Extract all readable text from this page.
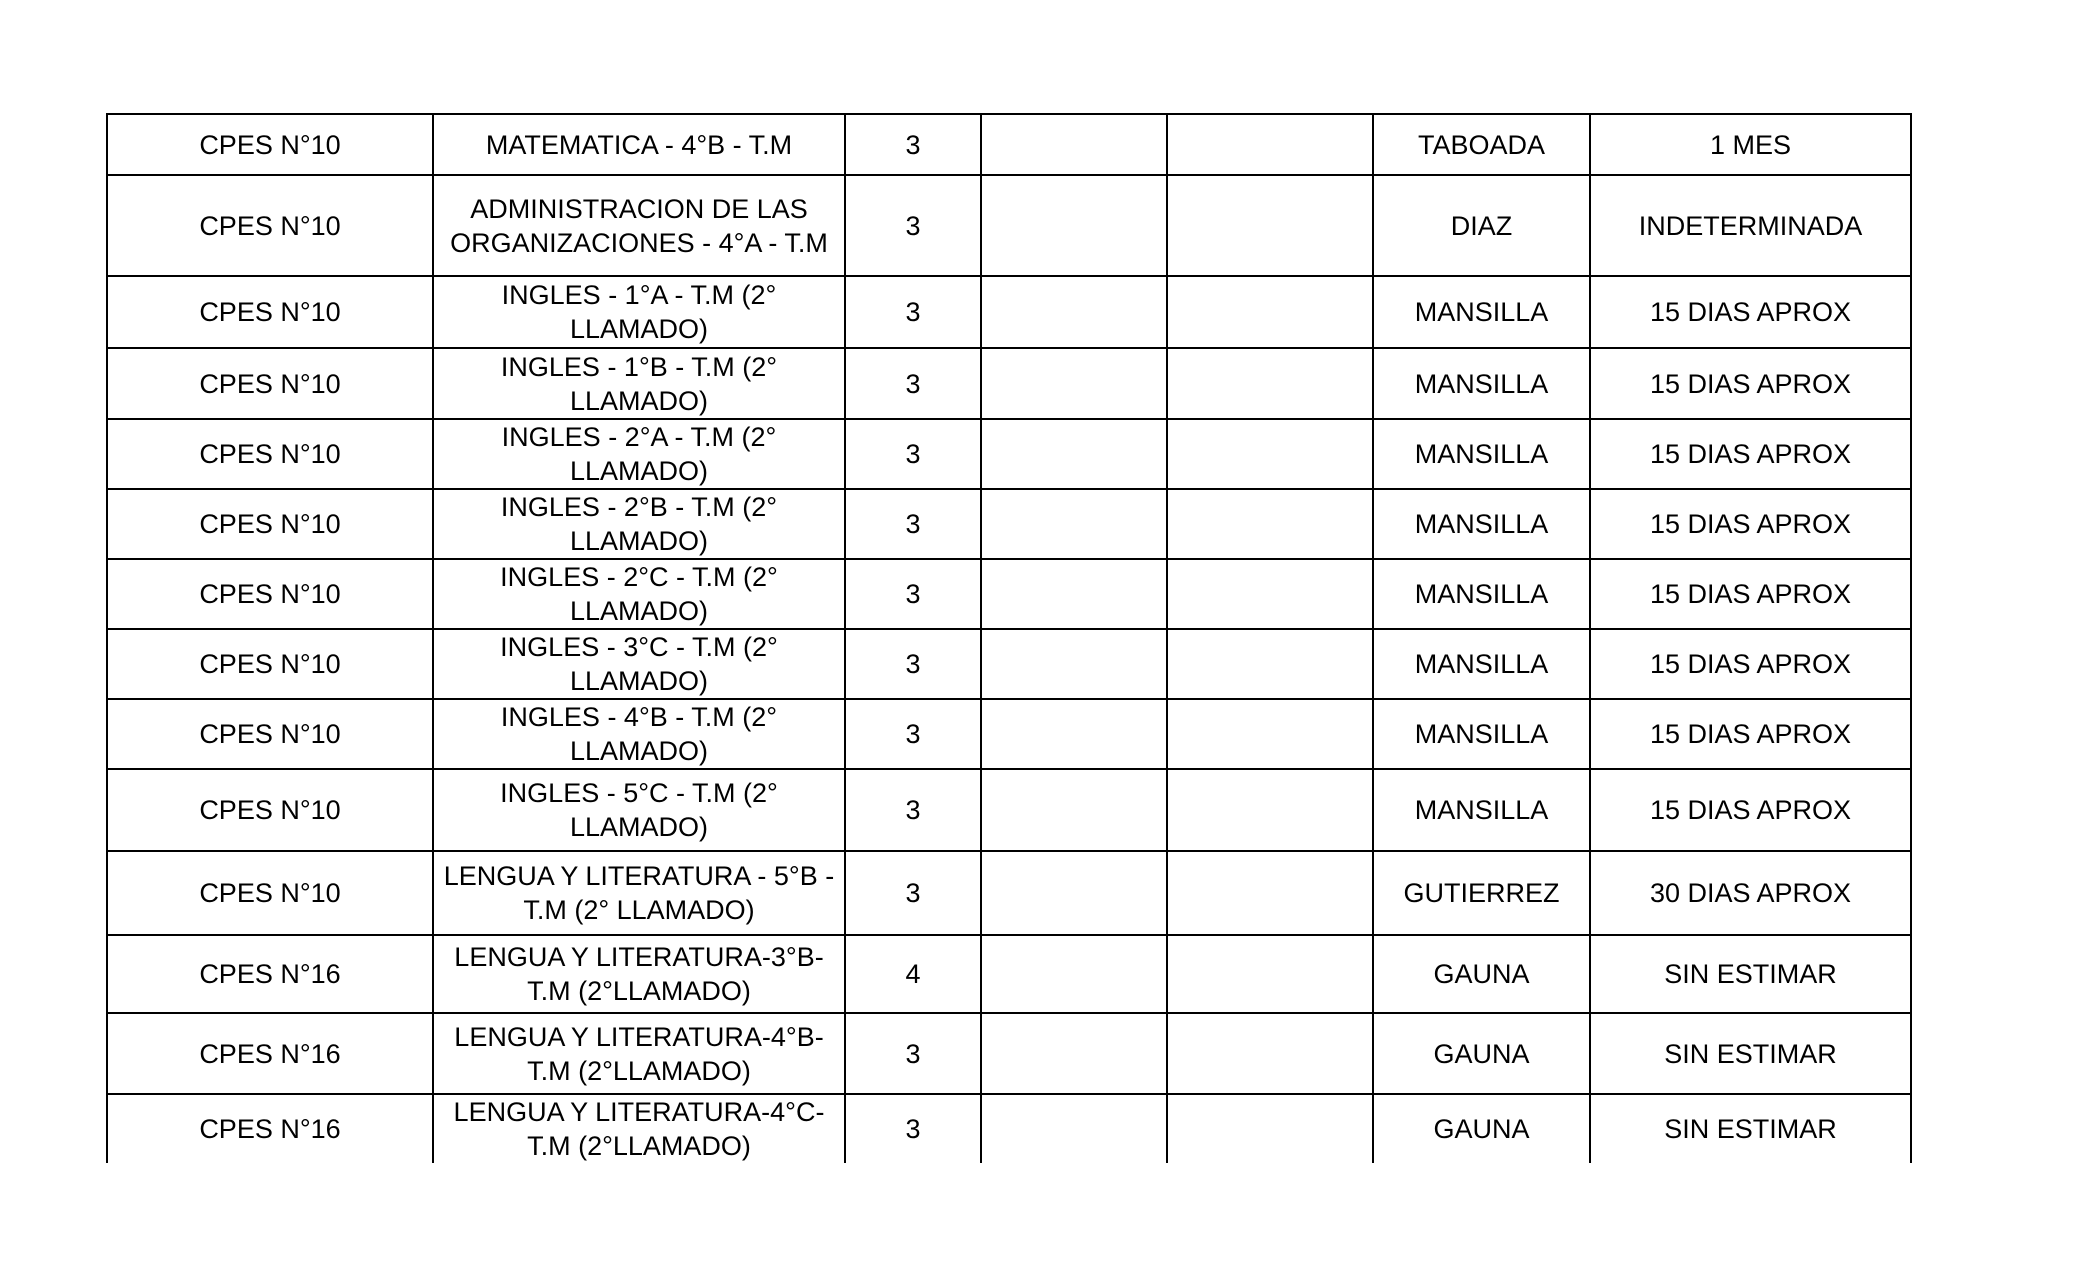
CPES N°10	MATEMATICA - 4°B - T.M	3			TABOADA	1 MES
CPES N°10	ADMINISTRACION DE LAS ORGANIZACIONES - 4°A - T.M	3			DIAZ	INDETERMINADA
CPES N°10	INGLES - 1°A - T.M (2° LLAMADO)	3			MANSILLA	15 DIAS APROX
CPES N°10	INGLES - 1°B - T.M (2° LLAMADO)	3			MANSILLA	15 DIAS APROX
CPES N°10	INGLES - 2°A - T.M (2° LLAMADO)	3			MANSILLA	15 DIAS APROX
CPES N°10	INGLES - 2°B - T.M (2° LLAMADO)	3			MANSILLA	15 DIAS APROX
CPES N°10	INGLES - 2°C - T.M (2° LLAMADO)	3			MANSILLA	15 DIAS APROX
CPES N°10	INGLES - 3°C - T.M (2° LLAMADO)	3			MANSILLA	15 DIAS APROX
CPES N°10	INGLES - 4°B - T.M (2° LLAMADO)	3			MANSILLA	15 DIAS APROX
CPES N°10	INGLES - 5°C - T.M (2° LLAMADO)	3			MANSILLA	15 DIAS APROX
CPES N°10	LENGUA Y LITERATURA - 5°B - T.M (2° LLAMADO)	3			GUTIERREZ	30 DIAS APROX
CPES N°16	LENGUA Y LITERATURA-3°B-T.M (2°LLAMADO)	4			GAUNA	SIN ESTIMAR
CPES N°16	LENGUA Y LITERATURA-4°B-T.M (2°LLAMADO)	3			GAUNA	SIN ESTIMAR
CPES N°16	LENGUA Y LITERATURA-4°C-T.M (2°LLAMADO)	3			GAUNA	SIN ESTIMAR
